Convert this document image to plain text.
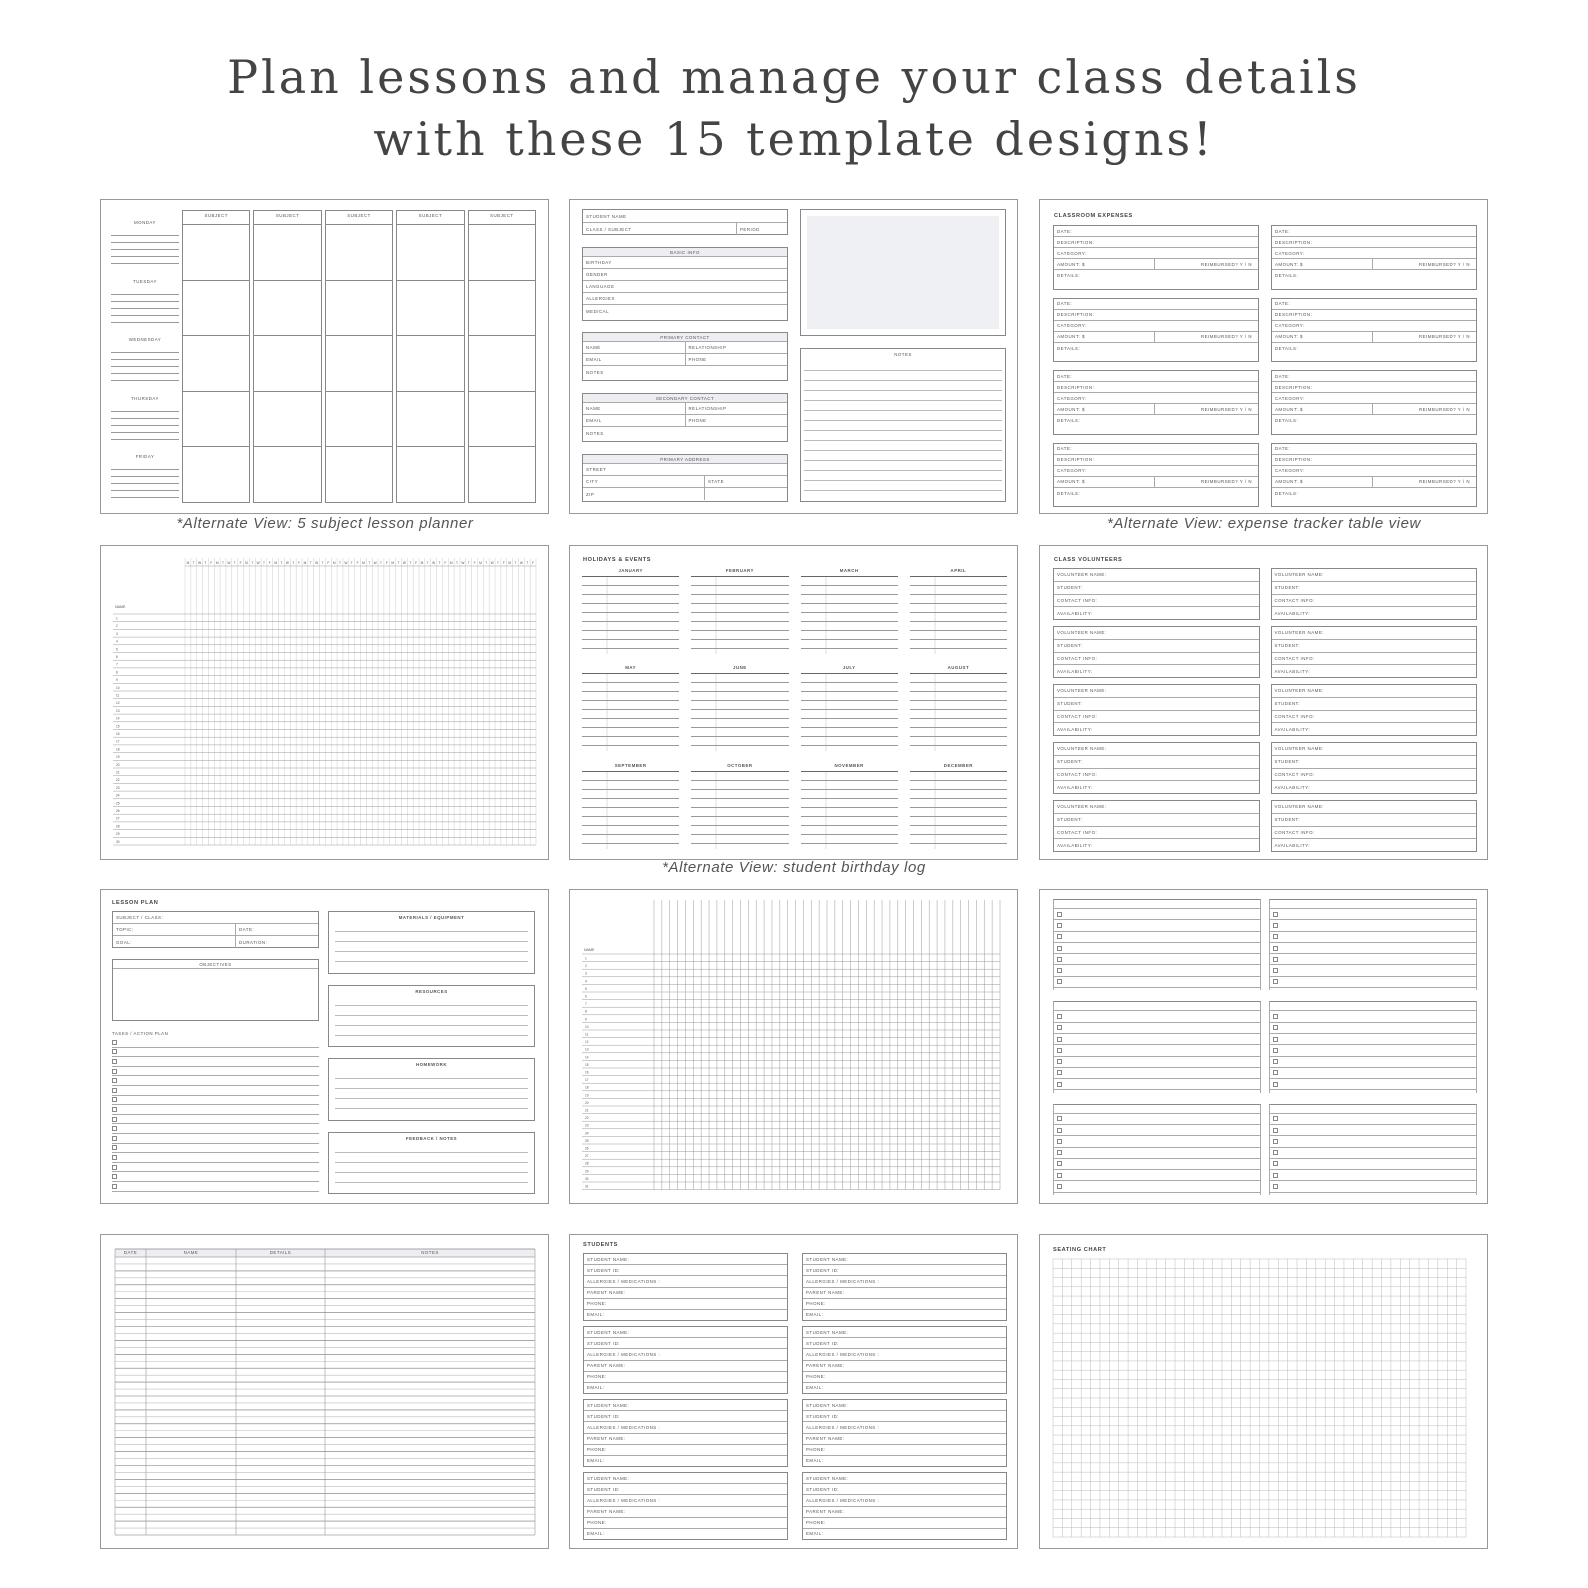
Plan lessons and manage your class details
with these 15 template designs!
MONDAY
TUESDAY
WEDNESDAY
THURSDAY
FRIDAY
SUBJECT	SUBJECT	SUBJECT	SUBJECT	SUBJECT
*Alternate View: 5 subject lesson planner
STUDENT NAME
CLASS / SUBJECT	PERIOD
BASIC INFO
BIRTHDAY
GENDER
LANGUAGE
ALLERGIES
MEDICAL
PRIMARY CONTACT
NAME	RELATIONSHIP
EMAIL	PHONE
NOTES
SECONDARY CONTACT
NAME	RELATIONSHIP
EMAIL	PHONE
NOTES
PRIMARY ADDRESS
STREET
CITY	STATE
ZIP
NOTES
CLASSROOM EXPENSES
DATE:
DESCRIPTION:
CATEGORY:
AMOUNT: $	REIMBURSED? Y / N
DETAILS:
DATE:
DESCRIPTION:
CATEGORY:
AMOUNT: $	REIMBURSED? Y / N
DETAILS:
DATE:
DESCRIPTION:
CATEGORY:
AMOUNT: $	REIMBURSED? Y / N
DETAILS:
DATE:
DESCRIPTION:
CATEGORY:
AMOUNT: $	REIMBURSED? Y / N
DETAILS:
DATE:
DESCRIPTION:
CATEGORY:
AMOUNT: $	REIMBURSED? Y / N
DETAILS:
DATE:
DESCRIPTION:
CATEGORY:
AMOUNT: $	REIMBURSED? Y / N
DETAILS:
DATE:
DESCRIPTION:
CATEGORY:
AMOUNT: $	REIMBURSED? Y / N
DETAILS:
DATE:
DESCRIPTION:
CATEGORY:
AMOUNT: $	REIMBURSED? Y / N
DETAILS:
*Alternate View: expense tracker table view
M T W T F M T W T F M T W T F M T W T F M T W T F M T W T F M T W T F M T W T F M T W T F M T W T F M T W T F M T W T F
NAME
1
2
3
4
5
6
7
8
9
10
11
12
13
14
15
16
17
18
19
20
21
22
23
24
25
26
27
28
29
30
HOLIDAYS & EVENTS
JANUARY	FEBRUARY	MARCH	APRIL
MAY	JUNE	JULY	AUGUST
SEPTEMBER	OCTOBER	NOVEMBER	DECEMBER
*Alternate View: student birthday log
CLASS VOLUNTEERS
VOLUNTEER NAME:
STUDENT:
CONTACT INFO:
AVAILABILITY:
VOLUNTEER NAME:
STUDENT:
CONTACT INFO:
AVAILABILITY:
VOLUNTEER NAME:
STUDENT:
CONTACT INFO:
AVAILABILITY:
VOLUNTEER NAME:
STUDENT:
CONTACT INFO:
AVAILABILITY:
VOLUNTEER NAME:
STUDENT:
CONTACT INFO:
AVAILABILITY:
VOLUNTEER NAME:
STUDENT:
CONTACT INFO:
AVAILABILITY:
VOLUNTEER NAME:
STUDENT:
CONTACT INFO:
AVAILABILITY:
VOLUNTEER NAME:
STUDENT:
CONTACT INFO:
AVAILABILITY:
VOLUNTEER NAME:
STUDENT:
CONTACT INFO:
AVAILABILITY:
VOLUNTEER NAME:
STUDENT:
CONTACT INFO:
AVAILABILITY:
LESSON PLAN
SUBJECT / CLASS:
TOPIC:	DATE:
GOAL:	DURATION:
OBJECTIVES
TASKS / ACTION PLAN
MATERIALS / EQUIPMENT
RESOURCES
HOMEWORK
FEEDBACK / NOTES
NAME
1
2
3
4
5
6
7
8
9
10
11
12
13
14
15
16
17
18
19
20
21
22
23
24
25
26
27
28
29
30
31
DATE	NAME	DETAILS	NOTES
STUDENTS
STUDENT NAME:
STUDENT ID:
ALLERGIES / MEDICATIONS :
PARENT NAME:
PHONE:
EMAIL:
STUDENT NAME:
STUDENT ID:
ALLERGIES / MEDICATIONS :
PARENT NAME:
PHONE:
EMAIL:
STUDENT NAME:
STUDENT ID:
ALLERGIES / MEDICATIONS :
PARENT NAME:
PHONE:
EMAIL:
STUDENT NAME:
STUDENT ID:
ALLERGIES / MEDICATIONS :
PARENT NAME:
PHONE:
EMAIL:
STUDENT NAME:
STUDENT ID:
ALLERGIES / MEDICATIONS :
PARENT NAME:
PHONE:
EMAIL:
STUDENT NAME:
STUDENT ID:
ALLERGIES / MEDICATIONS :
PARENT NAME:
PHONE:
EMAIL:
STUDENT NAME:
STUDENT ID:
ALLERGIES / MEDICATIONS :
PARENT NAME:
PHONE:
EMAIL:
STUDENT NAME:
STUDENT ID:
ALLERGIES / MEDICATIONS :
PARENT NAME:
PHONE:
EMAIL:
SEATING CHART
